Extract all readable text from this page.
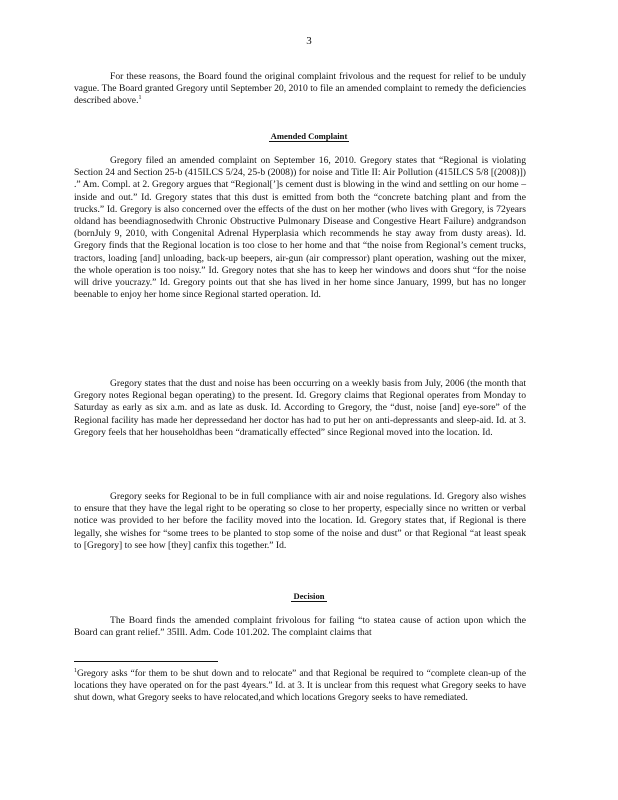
3

For these reasons, the Board found the original complaint frivolous and the request for relief to be unduly vague. The Board granted Gregory until September 20, 2010 to file an amended complaint to remedy the deficiencies described above.$^1$

Amended Complaint

Gregory filed an amended complaint on September 16, 2010. Gregory states that “Regional is violating Section 24 and Section 25-b (415ILCS 5/24, 25-b (2008)) for noise and Title II: Air Pollution (415ILCS 5/8 [(2008)]) .” Am. Compl. at 2. Gregory argues that “Regional[’]s cement dust is blowing in the wind and settling on our home – inside and out.” Id. Gregory states that this dust is emitted from both the “concrete batching plant and from the trucks.” Id. Gregory is also concerned over the effects of the dust on her mother (who lives with Gregory, is 72years oldand has beendiagnosedwith Chronic Obstructive Pulmonary Disease and Congestive Heart Failure) andgrandson (bornJuly 9, 2010, with Congenital Adrenal Hyperplasia which recommends he stay away from dusty areas). Id. Gregory finds that the Regional location is too close to her home and that “the noise from Regional’s cement trucks, tractors, loading [and] unloading, back-up beepers, air-gun (air compressor) plant operation, washing out the mixer, the whole operation is too noisy.” Id. Gregory notes that she has to keep her windows and doors shut “for the noise will drive youcrazy.” Id. Gregory points out that she has lived in her home since January, 1999, but has no longer beenable to enjoy her home since Regional started operation. Id.

Gregory states that the dust and noise has been occurring on a weekly basis from July, 2006 (the month that Gregory notes Regional began operating) to the present. Id. Gregory claims that Regional operates from Monday to Saturday as early as six a.m. and as late as dusk. Id. According to Gregory, the “dust, noise [and] eye-sore” of the Regional facility has made her depressedand her doctor has had to put her on anti-depressants and sleep-aid. Id. at 3. Gregory feels that her householdhas been “dramatically effected” since Regional moved into the location. Id.

Gregory seeks for Regional to be in full compliance with air and noise regulations. Id. Gregory also wishes to ensure that they have the legal right to be operating so close to her property, especially since no written or verbal notice was provided to her before the facility moved into the location. Id. Gregory states that, if Regional is there legally, she wishes for “some trees to be planted to stop some of the noise and dust” or that Regional “at least speak to [Gregory] to see how [they] canfix this together.” Id.

Decision

The Board finds the amended complaint frivolous for failing “to statea cause of action upon which the Board can grant relief.” 35Ill. Adm. Code 101.202. The complaint claims that

$^1$Gregory asks “for them to be shut down and to relocate” and that Regional be required to “complete clean-up of the locations they have operated on for the past 4years.” Id. at 3. It is unclear from this request what Gregory seeks to have shut down, what Gregory seeks to have relocated,and which locations Gregory seeks to have remediated.
